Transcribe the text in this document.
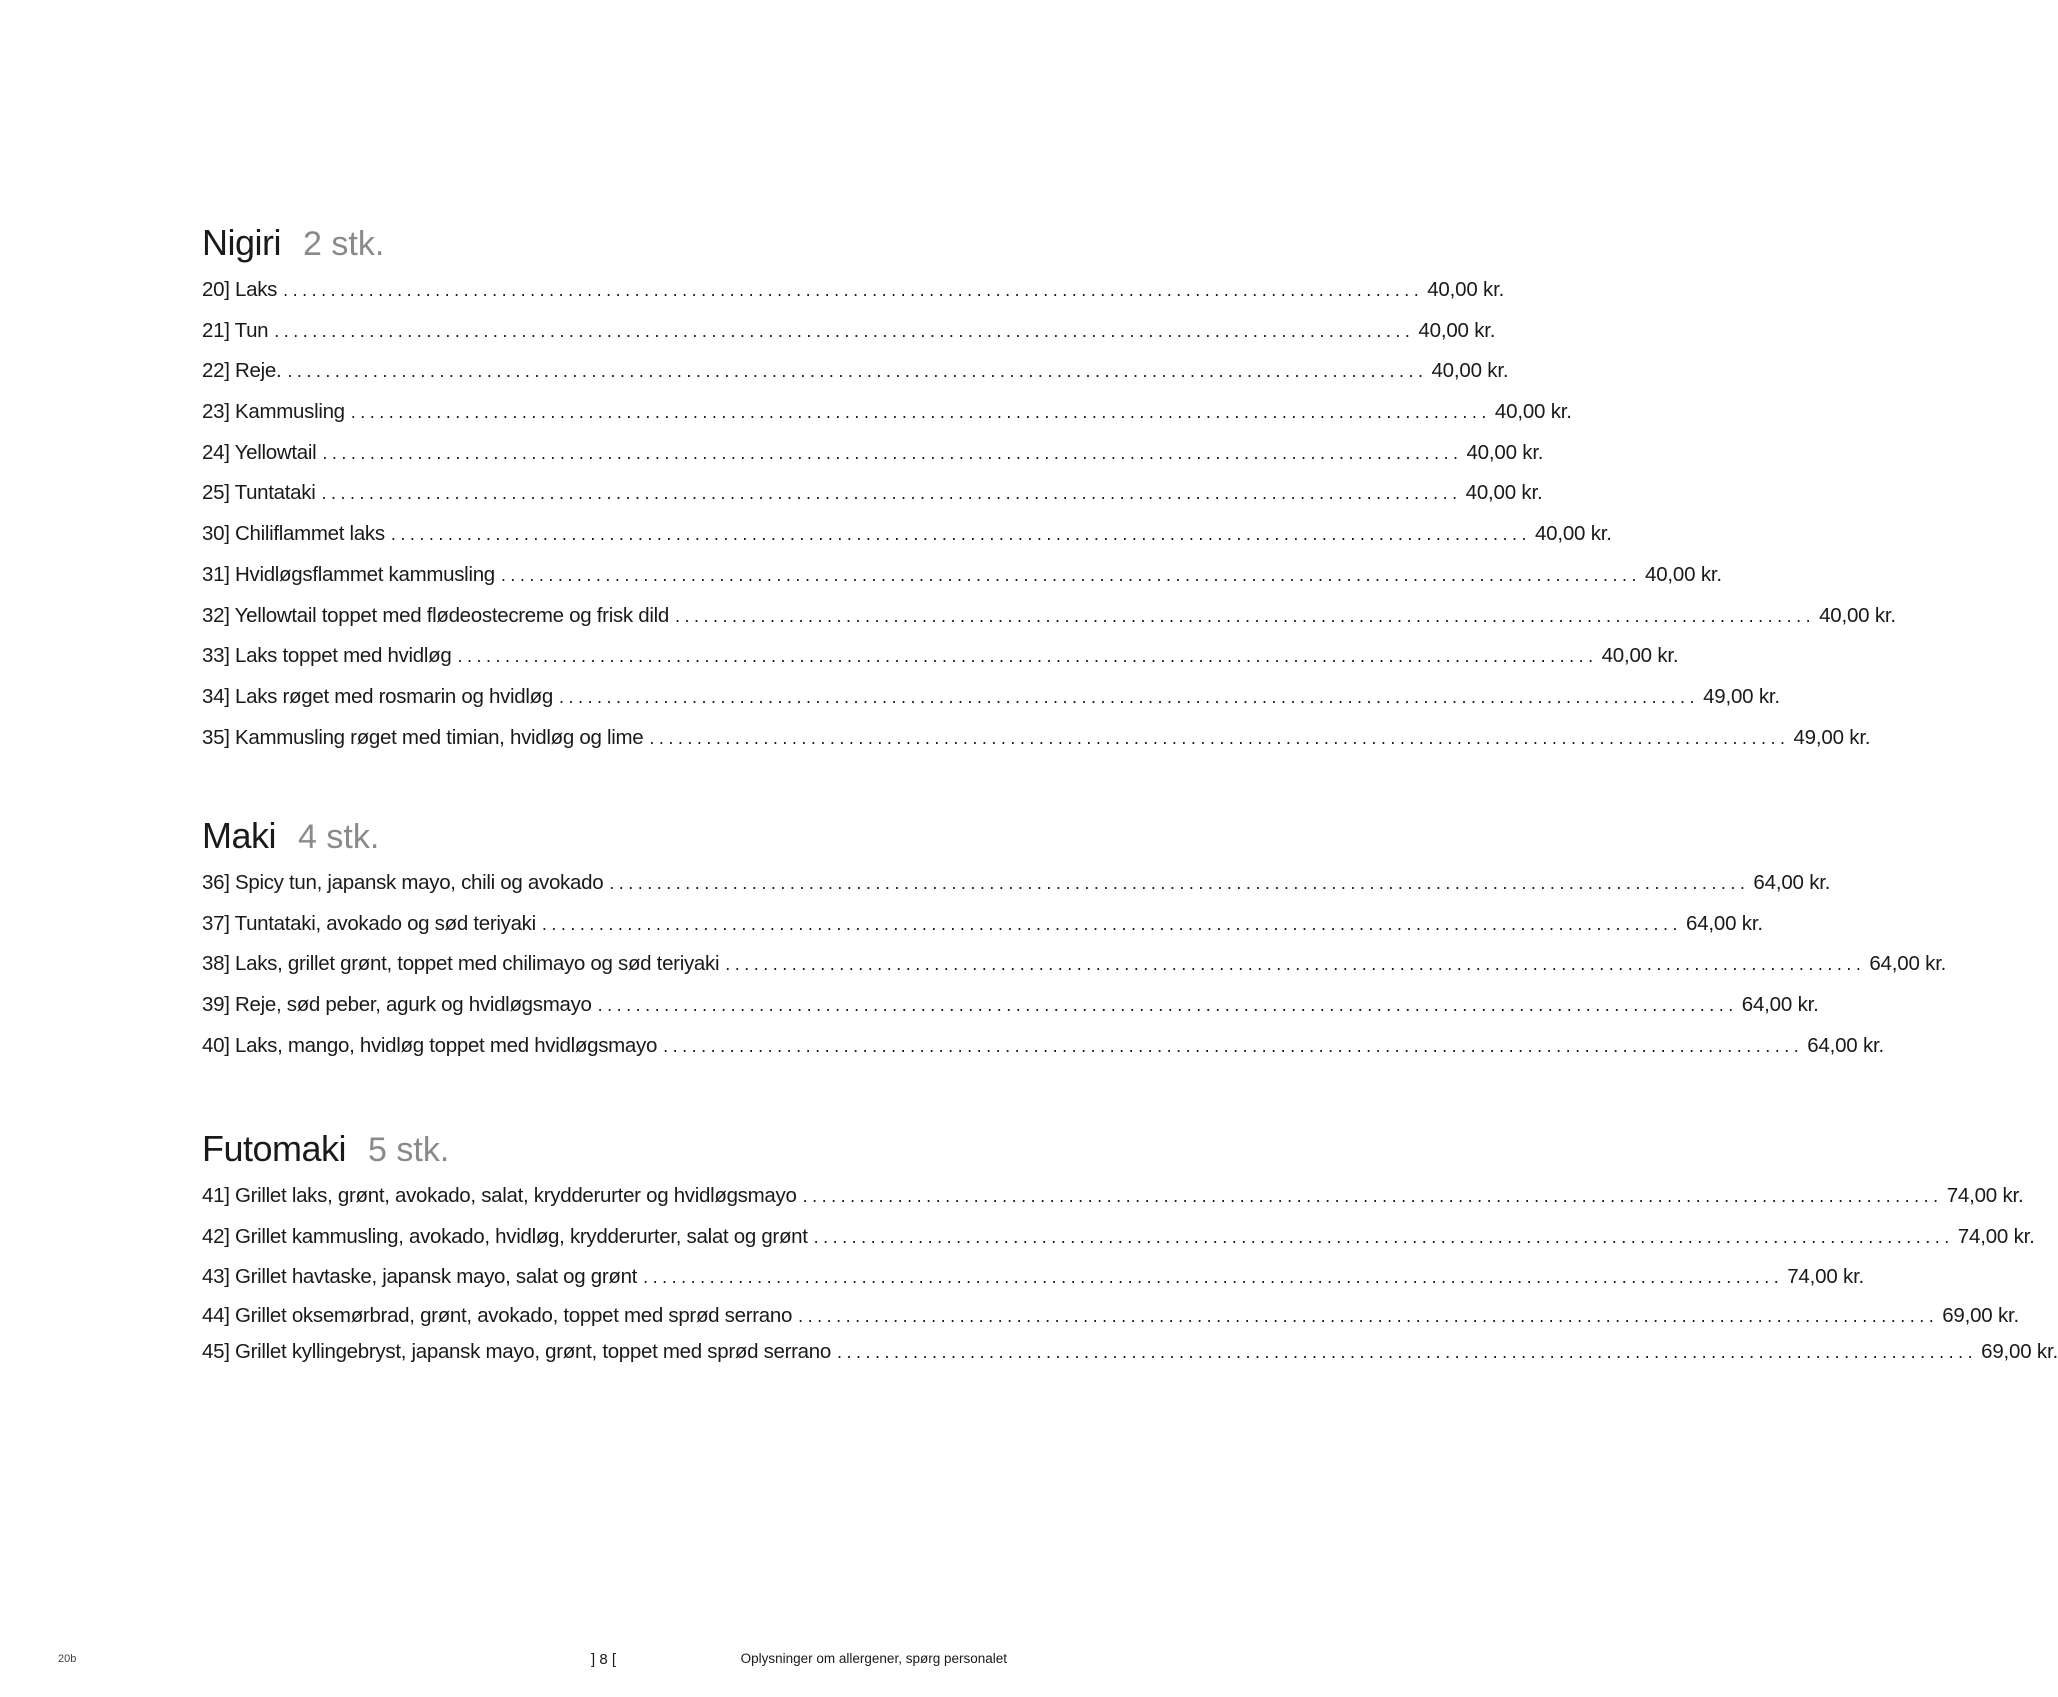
Nigiri 2 stk.
20] Laks ........................................................................................................................ 40,00 kr.
21] Tun ........................................................................................................................ 40,00 kr.
22] Reje. ........................................................................................................................ 40,00 kr.
23] Kammusling ........................................................................................................................ 40,00 kr.
24] Yellowtail ........................................................................................................................ 40,00 kr.
25] Tuntataki ........................................................................................................................ 40,00 kr.
30] Chiliflammet laks ........................................................................................................................ 40,00 kr.
31] Hvidløgsflammet kammusling ........................................................................................................................ 40,00 kr.
32] Yellowtail toppet med flødeostecreme og frisk dild ........................................................................................................................ 40,00 kr.
33] Laks toppet med hvidløg ........................................................................................................................ 40,00 kr.
34] Laks røget med rosmarin og hvidløg ........................................................................................................................ 49,00 kr.
35] Kammusling røget med timian, hvidløg og lime ........................................................................................................................ 49,00 kr.
Maki 4 stk.
36] Spicy tun, japansk mayo, chili og avokado ........................................................................................................................ 64,00 kr.
37] Tuntataki, avokado og sød teriyaki ........................................................................................................................ 64,00 kr.
38] Laks, grillet grønt, toppet med chilimayo og sød teriyaki ........................................................................................................................ 64,00 kr.
39] Reje, sød peber, agurk og hvidløgsmayo ........................................................................................................................ 64,00 kr.
40] Laks, mango, hvidløg toppet med hvidløgsmayo ........................................................................................................................ 64,00 kr.
Futomaki 5 stk.
41] Grillet laks, grønt, avokado, salat, krydderurter og hvidløgsmayo ........................................................................................................................ 74,00 kr.
42] Grillet kammusling, avokado, hvidløg, krydderurter, salat og grønt ........................................................................................................................ 74,00 kr.
43] Grillet havtaske, japansk mayo, salat og grønt ........................................................................................................................ 74,00 kr.
44] Grillet oksemørbrad, grønt, avokado, toppet med sprød serrano ........................................................................................................................ 69,00 kr.
45] Grillet kyllingebryst, japansk mayo, grønt, toppet med sprød serrano ........................................................................................................................ 69,00 kr.
20b	] 8 [	Oplysninger om allergener, spørg personalet
